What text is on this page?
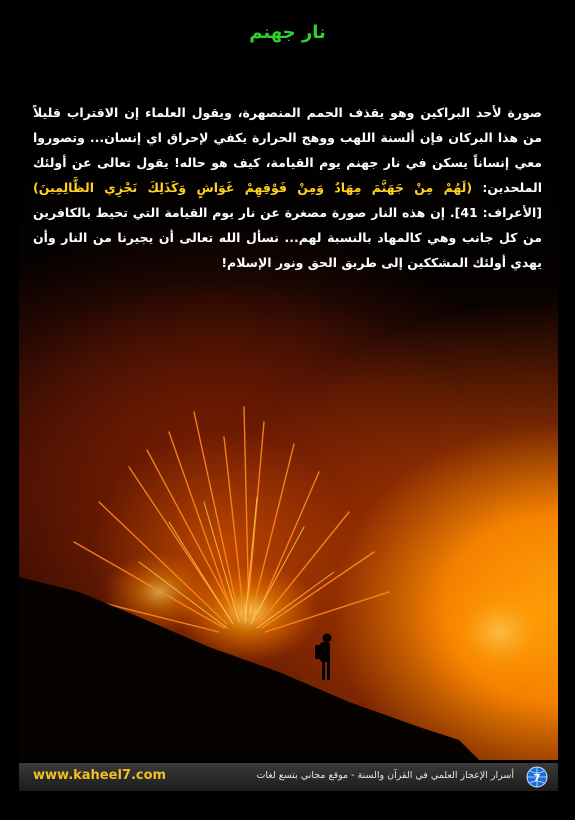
نار جهنم
صورة لأحد البراكين وهو يقذف الحمم المنصهرة، ويقول العلماء إن الاقتراب قليلاً من هذا البركان فإن ألسنة اللهب ووهج الحرارة يكفي لإحراق اي إنسان... وتصوروا معي إنساناً يسكن في نار جهنم يوم القيامة، كيف هو حاله! يقول تعالى عن أولئك الملحدين: (لَهُمْ مِنْ جَهَنَّمَ مِهَادٌ وَمِنْ فَوْقِهِمْ غَوَاشٍ وَكَذَلِكَ نَجْزِي الظَّالِمِينَ) [الأعراف: 41]. إن هذه النار صورة مصغرة عن نار يوم القيامة التي تحيط بالكافرين من كل جانب وهي كالمهاد بالنسبة لهم... نسأل الله تعالى أن يجيرنا من النار وأن يهدي أولئك المشككين إلى طريق الحق ونور الإسلام!
www.kaheel7.com	أسرار الإعجاز العلمي في القرآن والسنة - موقع مجاني بتسع لغات 7
